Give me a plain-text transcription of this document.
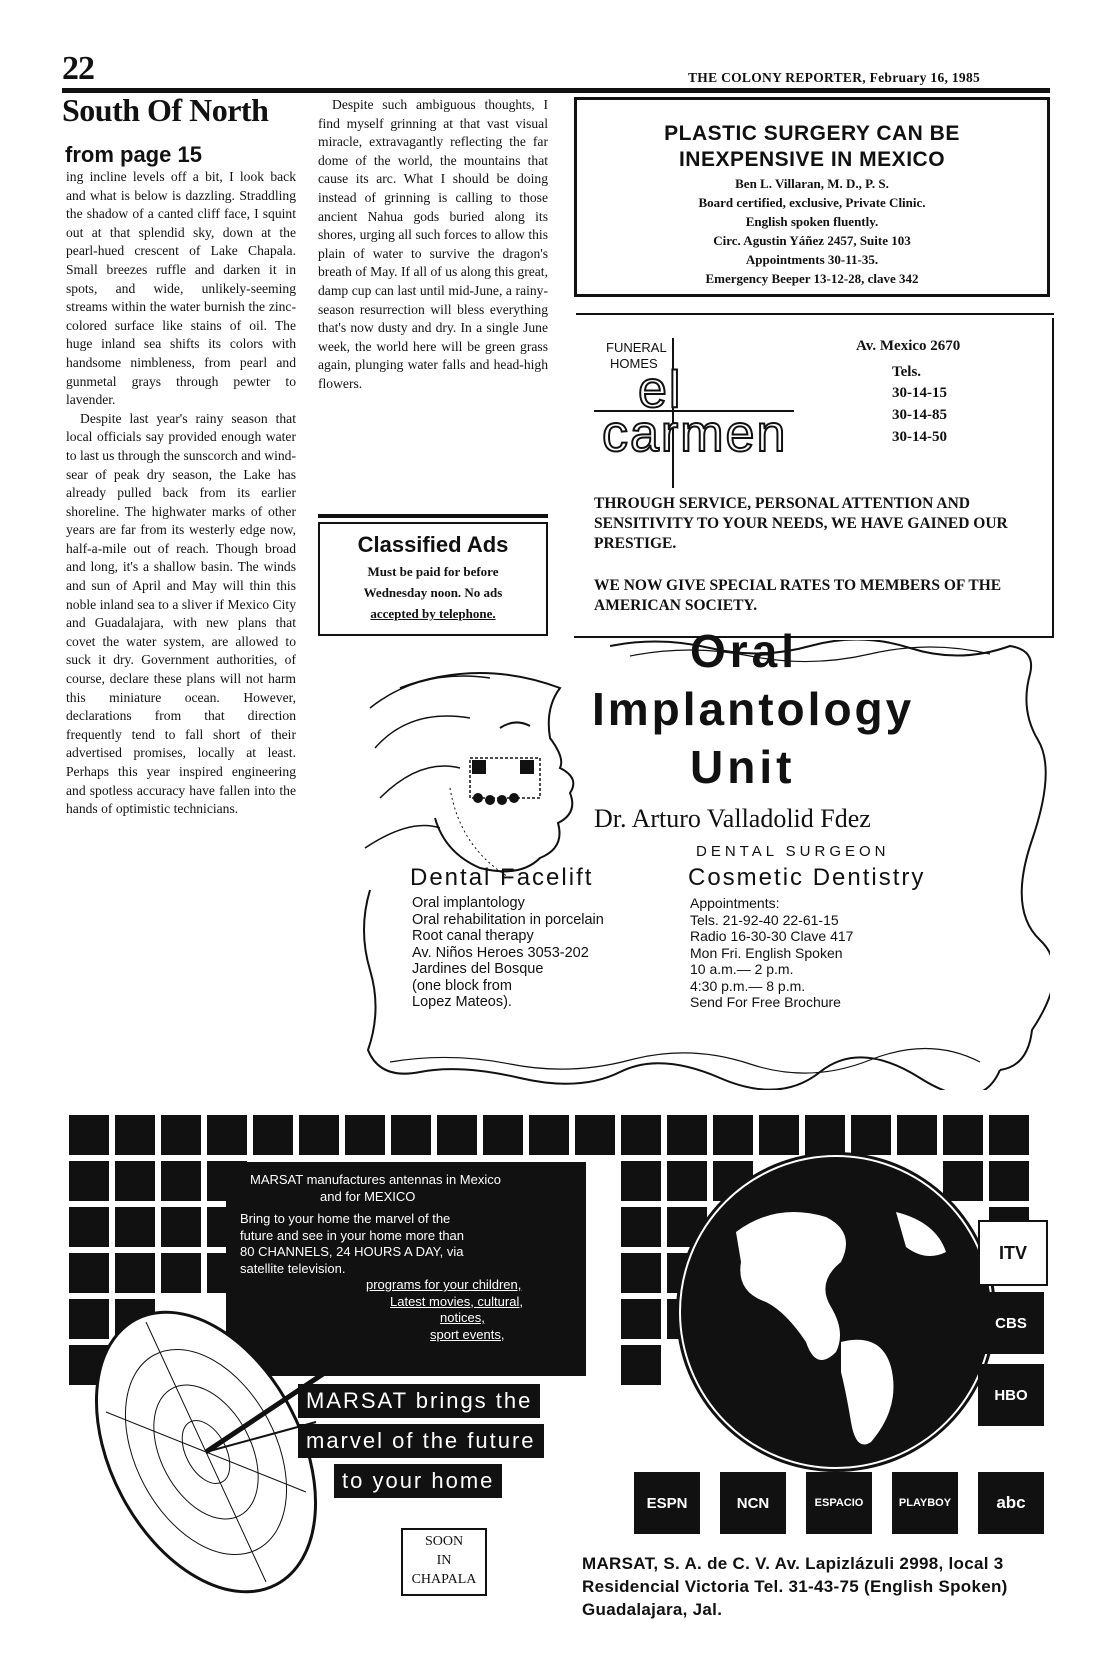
22	THE COLONY REPORTER, February 16, 1985
South Of North
from page 15

ing incline levels off a bit, I look back and what is below is dazzling. Straddling the shadow of a canted cliff face, I squint out at that splendid sky, down at the pearl-hued crescent of Lake Chapala. Small breezes ruffle and darken it in spots, and wide, unlikely-seeming streams within the water burnish the zinc-colored surface like stains of oil. The huge inland sea shifts its colors with handsome nimbleness, from pearl and gunmetal grays through pewter to lavender.

Despite last year's rainy season that local officials say provided enough water to last us through the sunscorch and wind-sear of peak dry season, the Lake has already pulled back from its earlier shoreline. The highwater marks of other years are far from its westerly edge now, half-a-mile out of reach. Though broad and long, it's a shallow basin. The winds and sun of April and May will thin this noble inland sea to a sliver if Mexico City and Guadalajara, with new plans that covet the water system, are allowed to suck it dry. Government authorities, of course, declare these plans will not harm this miniature ocean. However, declarations from that direction frequently tend to fall short of their advertised promises, locally at least. Perhaps this year inspired engineering and spotless accuracy have fallen into the hands of optimistic technicians.

Despite such ambiguous thoughts, I find myself grinning at that vast visual miracle, extravagantly reflecting the far dome of the world, the mountains that cause its arc. What I should be doing instead of grinning is calling to those ancient Nahua gods buried along its shores, urging all such forces to allow this plain of water to survive the dragon's breath of May. If all of us along this great, damp cup can last until mid-June, a rainy-season resurrection will bless everything that's now dusty and dry. In a single June week, the world here will be green grass again, plunging water falls and head-high flowers.

Classified Ads
Must be paid for before
Wednesday noon. No ads
accepted by telephone.
PLASTIC SURGERY CAN BE
INEXPENSIVE IN MEXICO
Ben L. Villaran, M. D., P. S.
Board certified, exclusive, Private Clinic.
English spoken fluently.
Circ. Agustin Yáñez 2457, Suite 103
Appointments 30-11-35.
Emergency Beeper 13-12-28, clave 342
FUNERAL
HOMES
el
carmen
Av. Mexico 2670
Tels.
30-14-15
30-14-85
30-14-50
THROUGH SERVICE, PERSONAL ATTENTION AND SENSITIVITY TO YOUR NEEDS, WE HAVE GAINED OUR PRESTIGE.
WE NOW GIVE SPECIAL RATES TO MEMBERS OF THE AMERICAN SOCIETY.
Oral
Implantology
Unit
Dr. Arturo Valladolid Fdez
DENTAL SURGEON
Dental Facelift
Oral implantology
Oral rehabilitation in porcelain
Root canal therapy
Av. Niños Heroes 3053-202
Jardines del Bosque
(one block from
Lopez Mateos).
Cosmetic Dentistry
Appointments:
Tels. 21-92-40 22-61-15
Radio 16-30-30 Clave 417
Mon Fri. English Spoken
10 a.m.— 2 p.m.
4:30 p.m.— 8 p.m.
Send For Free Brochure
MARSAT manufactures antennas in Mexico
and for MEXICO
Bring to your home the marvel of the
future and see in your home more than
80 CHANNELS, 24 HOURS A DAY, via
satellite television.
programs for your children,
Latest movies, cultural,
notices,
sport events,
MARSAT brings the
marvel of the future
to your home
SOON
IN
CHAPALA
ITV
CBS
HBO
ESPN	NCN	ESPACIO	PLAYBOY	abc
MARSAT, S. A. de C. V. Av. Lapizlázuli 2998, local 3 Residencial Victoria Tel. 31-43-75 (English Spoken) Guadalajara, Jal.
